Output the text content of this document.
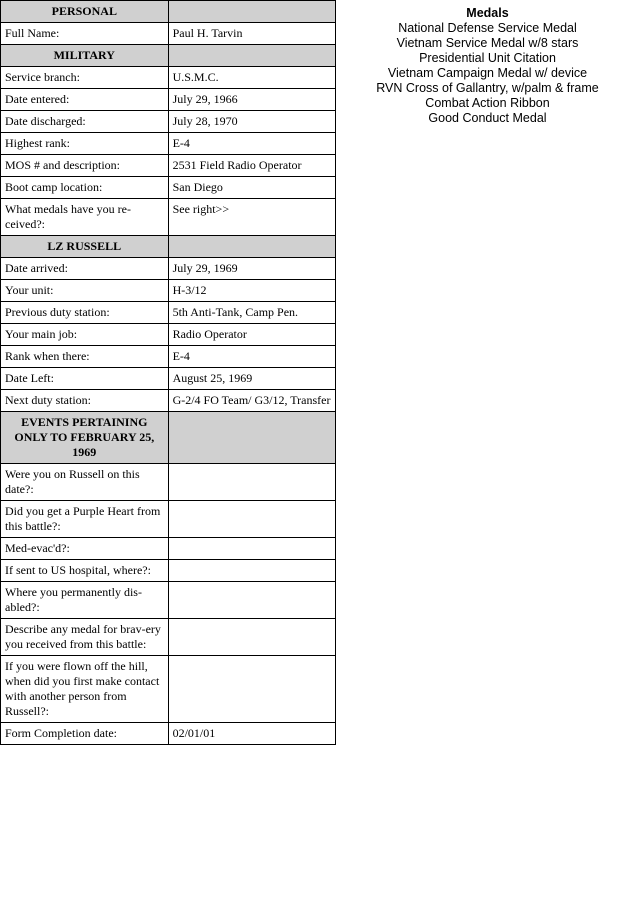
PERSONAL	
Full Name:	Paul H. Tarvin
MILITARY	
Service branch:	U.S.M.C.
Date entered:	July 29, 1966
Date discharged:	July 28, 1970
Highest rank:	E-4
MOS # and description:	2531 Field Radio Operator
Boot camp location:	San Diego
What medals have you re-ceived?:	See right>>
LZ RUSSELL	
Date arrived:	July 29, 1969
Your unit:	H-3/12
Previous duty station:	5th Anti-Tank, Camp Pen.
Your main job:	Radio Operator
Rank when there:	E-4
Date Left:	August 25, 1969
Next duty station:	G-2/4 FO Team/ G3/12, Transfer
EVENTS PERTAINING ONLY TO FEBRUARY 25, 1969	
Were you on Russell on this date?:	
Did you get a Purple Heart from this battle?:	
Med-evac'd?:	
If sent to US hospital, where?:	
Where you permanently dis-abled?:	
Describe any medal for brav-ery you received from this battle:	
If you were flown off the hill, when did you first make contact with another person from Russell?:	
Form Completion date:	02/01/01
Medals
National Defense Service Medal
Vietnam Service Medal w/8 stars
Presidential Unit Citation
Vietnam Campaign Medal w/ device
RVN Cross of Gallantry, w/palm & frame
Combat Action Ribbon
Good Conduct Medal
